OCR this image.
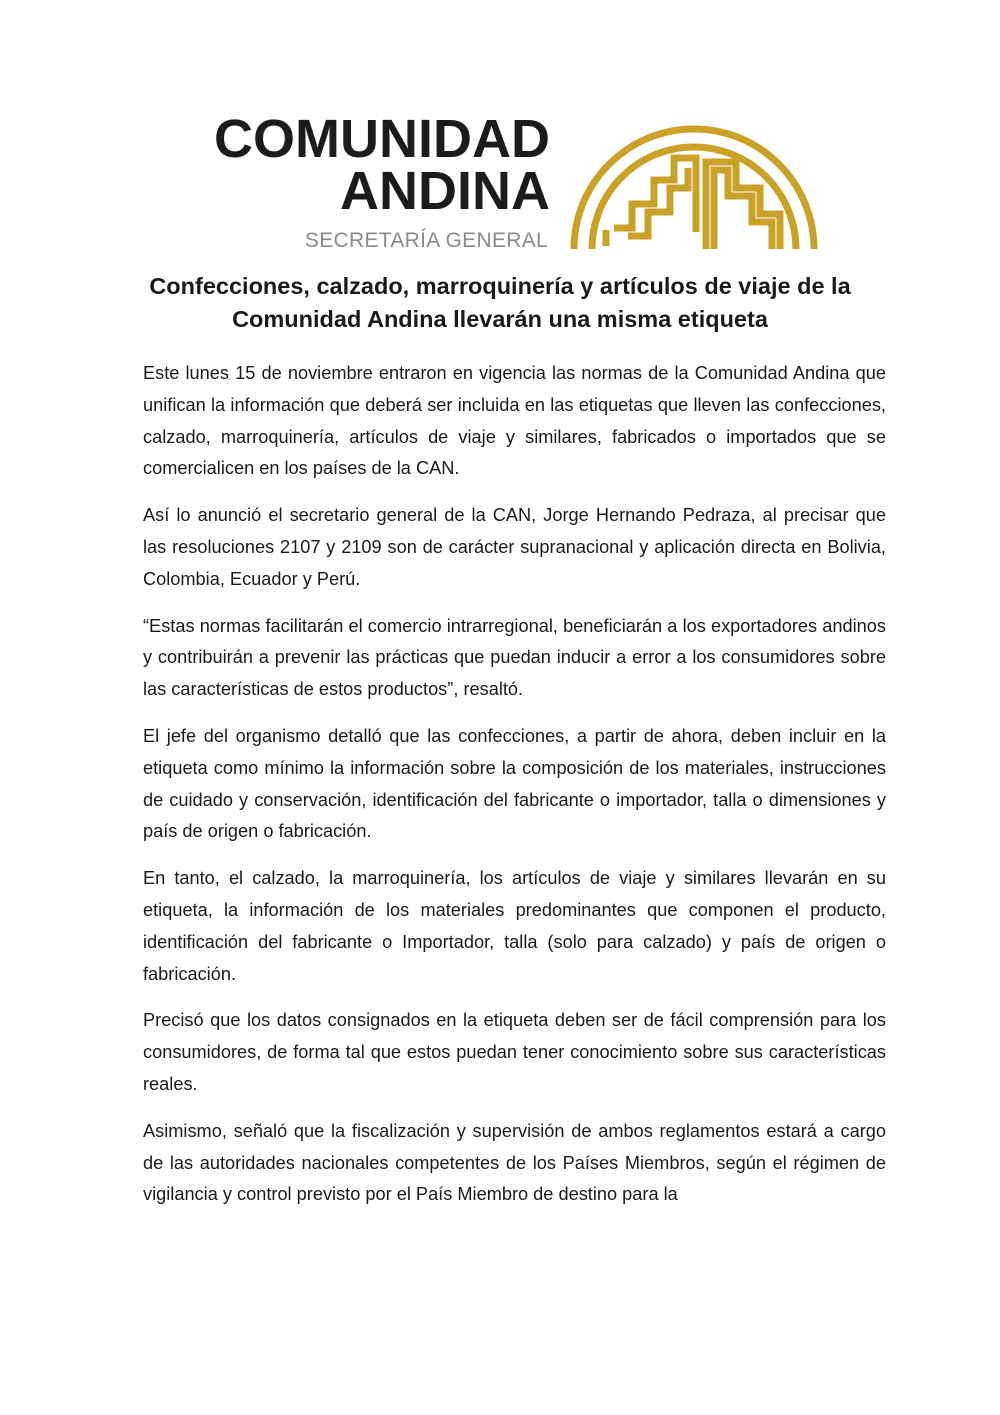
COMUNIDAD
ANDINA
SECRETARÍA GENERAL
Confecciones, calzado, marroquinería y artículos de viaje de la Comunidad Andina llevarán una misma etiqueta

Este lunes 15 de noviembre entraron en vigencia las normas de la Comunidad Andina que unifican la información que deberá ser incluida en las etiquetas que lleven las confecciones, calzado, marroquinería, artículos de viaje y similares, fabricados o importados que se comercialicen en los países de la CAN.

Así lo anunció el secretario general de la CAN, Jorge Hernando Pedraza, al precisar que las resoluciones 2107 y 2109 son de carácter supranacional y aplicación directa en Bolivia, Colombia, Ecuador y Perú.

“Estas normas facilitarán el comercio intrarregional, beneficiarán a los exportadores andinos y contribuirán a prevenir las prácticas que puedan inducir a error a los consumidores sobre las características de estos productos”, resaltó.

El jefe del organismo detalló que las confecciones, a partir de ahora, deben incluir en la etiqueta como mínimo la información sobre la composición de los materiales, instrucciones de cuidado y conservación, identificación del fabricante o importador, talla o dimensiones y país de origen o fabricación.

En tanto, el calzado, la marroquinería, los artículos de viaje y similares llevarán en su etiqueta, la información de los materiales predominantes que componen el producto, identificación del fabricante o Importador, talla (solo para calzado) y país de origen o fabricación.

Precisó que los datos consignados en la etiqueta deben ser de fácil comprensión para los consumidores, de forma tal que estos puedan tener conocimiento sobre sus características reales.

Asimismo, señaló que la fiscalización y supervisión de ambos reglamentos estará a cargo de las autoridades nacionales competentes de los Países Miembros, según el régimen de vigilancia y control previsto por el País Miembro de destino para la
